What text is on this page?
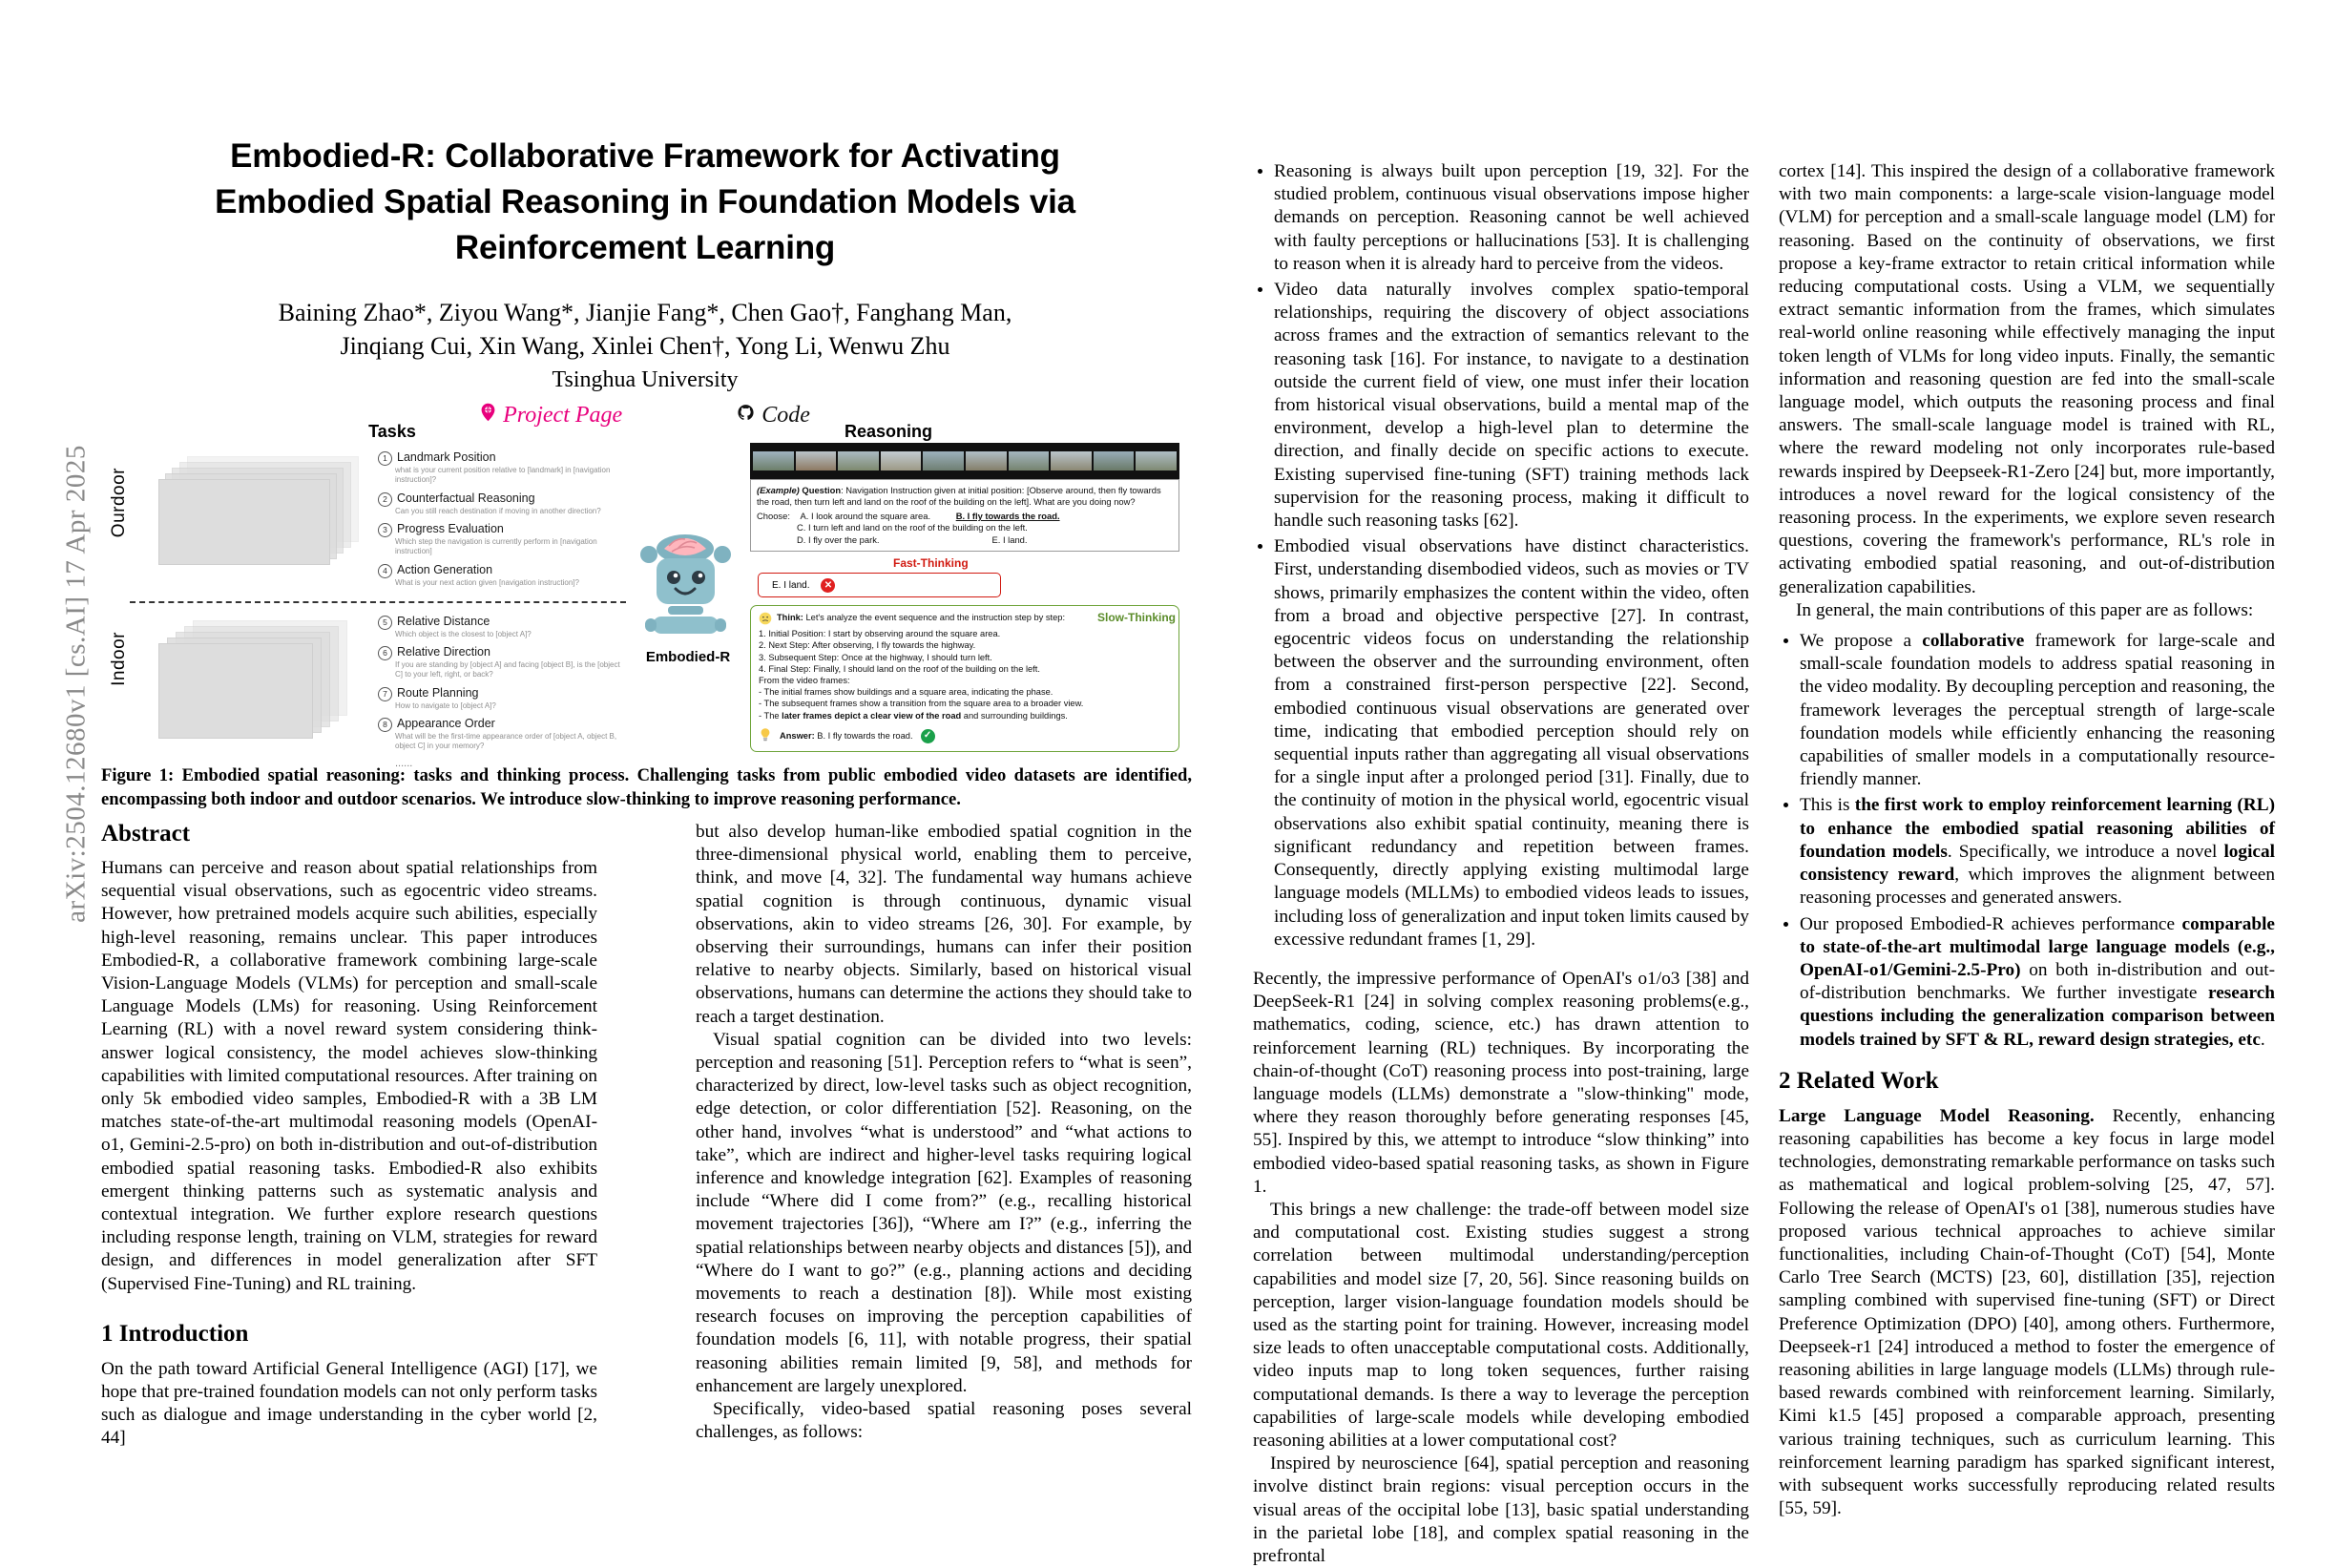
arXiv:2504.12680v1 [cs.AI] 17 Apr 2025
Embodied-R: Collaborative Framework for Activating Embodied Spatial Reasoning in Foundation Models via Reinforcement Learning
Baining Zhao*, Ziyou Wang*, Jianjie Fang*, Chen Gao†, Fanghang Man,
Jinqiang Cui, Xin Wang, Xinlei Chen†, Yong Li, Wenwu Zhu
Tsinghua University
Project Page	Code
Tasks	Reasoning
Ourdoor
Indoor
1 Landmark Position
what is your current position relative to [landmark] in [navigation instruction]?
2 Counterfactual Reasoning
Can you still reach destination if moving in another direction?
3 Progress Evaluation
Which step the navigation is currently perform in [navigation instruction]
4 Action Generation
What is your next action given [navigation instruction]?
5 Relative Distance
Which object is the closest to [object A]?
6 Relative Direction
If you are standing by [object A] and facing [object B], is the [object C] to your left, right, or back?
7 Route Planning
How to navigate to [object A]?
8 Appearance Order
What will be the first-time appearance order of [object A, object B, object C] in your memory?
......
Embodied-R
(Example) Question: Navigation Instruction given at initial position: [Observe around, then fly towards the road, then turn left and land on the roof of the building on the left]. What are you doing now?
Choose: A. I look around the square area.	B. I fly towards the road.
C. I turn left and land on the roof of the building on the left.
D. I fly over the park.	E. I land.
Fast-Thinking
E. I land.	✕
Slow-Thinking
Think: Let's analyze the event sequence and the instruction step by step:
1. Initial Position: I start by observing around the square area.
2. Next Step: After observing, I fly towards the highway.
3. Subsequent Step: Once at the highway, I should turn left.
4. Final Step: Finally, I should land on the roof of the building on the left.
From the video frames:
- The initial frames show buildings and a square area, indicating the phase.
- The subsequent frames show a transition from the square area to a broader view.
- The later frames depict a clear view of the road and surrounding buildings.
Answer: B. I fly towards the road.	✓
Figure 1: Embodied spatial reasoning: tasks and thinking process. Challenging tasks from public embodied video datasets are identified, encompassing both indoor and outdoor scenarios. We introduce slow-thinking to improve reasoning performance.
Abstract

Humans can perceive and reason about spatial relationships from sequential visual observations, such as egocentric video streams. However, how pretrained models acquire such abilities, especially high-level reasoning, remains unclear. This paper introduces Embodied-R, a collaborative framework combining large-scale Vision-Language Models (VLMs) for perception and small-scale Language Models (LMs) for reasoning. Using Reinforcement Learning (RL) with a novel reward system considering think-answer logical consistency, the model achieves slow-thinking capabilities with limited computational resources. After training on only 5k embodied video samples, Embodied-R with a 3B LM matches state-of-the-art multimodal reasoning models (OpenAI-o1, Gemini-2.5-pro) on both in-distribution and out-of-distribution embodied spatial reasoning tasks. Embodied-R also exhibits emergent thinking patterns such as systematic analysis and contextual integration. We further explore research questions including response length, training on VLM, strategies for reward design, and differences in model generalization after SFT (Supervised Fine-Tuning) and RL training.

1 Introduction

On the path toward Artificial General Intelligence (AGI) [17], we hope that pre-trained foundation models can not only perform tasks such as dialogue and image understanding in the cyber world [2, 44]

but also develop human-like embodied spatial cognition in the three-dimensional physical world, enabling them to perceive, think, and move [4, 32]. The fundamental way humans achieve spatial cognition is through continuous, dynamic visual observations, akin to video streams [26, 30]. For example, by observing their surroundings, humans can infer their position relative to nearby objects. Similarly, based on historical visual observations, humans can determine the actions they should take to reach a target destination.

Visual spatial cognition can be divided into two levels: perception and reasoning [51]. Perception refers to “what is seen”, characterized by direct, low-level tasks such as object recognition, edge detection, or color differentiation [52]. Reasoning, on the other hand, involves “what is understood” and “what actions to take”, which are indirect and higher-level tasks requiring logical inference and knowledge integration [62]. Examples of reasoning include “Where did I come from?” (e.g., recalling historical movement trajectories [36]), “Where am I?” (e.g., inferring the spatial relationships between nearby objects and distances [5]), and “Where do I want to go?” (e.g., planning actions and deciding movements to reach a destination [8]). While most existing research focuses on improving the perception capabilities of foundation models [6, 11], with notable progress, their spatial reasoning abilities remain limited [9, 58], and methods for enhancement are largely unexplored.

Specifically, video-based spatial reasoning poses several challenges, as follows:

• Reasoning is always built upon perception [19, 32]. For the studied problem, continuous visual observations impose higher demands on perception. Reasoning cannot be well achieved with faulty perceptions or hallucinations [53]. It is challenging to reason when it is already hard to perceive from the videos.
• Video data naturally involves complex spatio-temporal relationships, requiring the discovery of object associations across frames and the extraction of semantics relevant to the reasoning task [16]. For instance, to navigate to a destination outside the current field of view, one must infer their location from historical visual observations, build a mental map of the environment, develop a high-level plan to determine the direction, and finally decide on specific actions to execute. Existing supervised fine-tuning (SFT) training methods lack supervision for the reasoning process, making it difficult to handle such reasoning tasks [62].
• Embodied visual observations have distinct characteristics. First, understanding disembodied videos, such as movies or TV shows, primarily emphasizes the content within the video, often from a broad and objective perspective [27]. In contrast, egocentric videos focus on understanding the relationship between the observer and the surrounding environment, often from a constrained first-person perspective [22]. Second, embodied continuous visual observations are generated over time, indicating that embodied perception should rely on sequential inputs rather than aggregating all visual observations for a single input after a prolonged period [31]. Finally, due to the continuity of motion in the physical world, egocentric visual observations also exhibit spatial continuity, meaning there is significant redundancy and repetition between frames. Consequently, directly applying existing multimodal large language models (MLLMs) to embodied videos leads to issues, including loss of generalization and input token limits caused by excessive redundant frames [1, 29].

Recently, the impressive performance of OpenAI's o1/o3 [38] and DeepSeek-R1 [24] in solving complex reasoning problems(e.g., mathematics, coding, science, etc.) has drawn attention to reinforcement learning (RL) techniques. By incorporating the chain-of-thought (CoT) reasoning process into post-training, large language models (LLMs) demonstrate a "slow-thinking" mode, where they reason thoroughly before generating responses [45, 55]. Inspired by this, we attempt to introduce “slow thinking” into embodied video-based spatial reasoning tasks, as shown in Figure 1.

This brings a new challenge: the trade-off between model size and computational cost. Existing studies suggest a strong correlation between multimodal understanding/perception capabilities and model size [7, 20, 56]. Since reasoning builds on perception, larger vision-language foundation models should be used as the starting point for training. However, increasing model size leads to often unacceptable computational costs. Additionally, video inputs map to long token sequences, further raising computational demands. Is there a way to leverage the perception capabilities of large-scale models while developing embodied reasoning abilities at a lower computational cost?

Inspired by neuroscience [64], spatial perception and reasoning involve distinct brain regions: visual perception occurs in the visual areas of the occipital lobe [13], basic spatial understanding in the parietal lobe [18], and complex spatial reasoning in the prefrontal

cortex [14]. This inspired the design of a collaborative framework with two main components: a large-scale vision-language model (VLM) for perception and a small-scale language model (LM) for reasoning. Based on the continuity of observations, we first propose a key-frame extractor to retain critical information while reducing computational costs. Using a VLM, we sequentially extract semantic information from the frames, which simulates real-world online reasoning while effectively managing the input token length of VLMs for long video inputs. Finally, the semantic information and reasoning question are fed into the small-scale language model, which outputs the reasoning process and final answers. The small-scale language model is trained with RL, where the reward modeling not only incorporates rule-based rewards inspired by Deepseek-R1-Zero [24] but, more importantly, introduces a novel reward for the logical consistency of the reasoning process. In the experiments, we explore seven research questions, covering the framework's performance, RL's role in activating embodied spatial reasoning, and out-of-distribution generalization capabilities.

In general, the main contributions of this paper are as follows:

• We propose a collaborative framework for large-scale and small-scale foundation models to address spatial reasoning in the video modality. By decoupling perception and reasoning, the framework leverages the perceptual strength of large-scale foundation models while efficiently enhancing the reasoning capabilities of smaller models in a computationally resource-friendly manner.
• This is the first work to employ reinforcement learning (RL) to enhance the embodied spatial reasoning abilities of foundation models. Specifically, we introduce a novel logical consistency reward, which improves the alignment between reasoning processes and generated answers.
• Our proposed Embodied-R achieves performance comparable to state-of-the-art multimodal large language models (e.g., OpenAI-o1/Gemini-2.5-Pro) on both in-distribution and out-of-distribution benchmarks. We further investigate research questions including the generalization comparison between models trained by SFT & RL, reward design strategies, etc.
2 Related Work

Large Language Model Reasoning. Recently, enhancing reasoning capabilities has become a key focus in large model technologies, demonstrating remarkable performance on tasks such as mathematical and logical problem-solving [25, 47, 57]. Following the release of OpenAI's o1 [38], numerous studies have proposed various technical approaches to achieve similar functionalities, including Chain-of-Thought (CoT) [54], Monte Carlo Tree Search (MCTS) [23, 60], distillation [35], rejection sampling combined with supervised fine-tuning (SFT) or Direct Preference Optimization (DPO) [40], among others. Furthermore, Deepseek-r1 [24] introduced a method to foster the emergence of reasoning abilities in large language models (LLMs) through rule-based rewards combined with reinforcement learning. Similarly, Kimi k1.5 [45] proposed a comparable approach, presenting various training techniques, such as curriculum learning. This reinforcement learning paradigm has sparked significant interest, with subsequent works successfully reproducing related results [55, 59].
